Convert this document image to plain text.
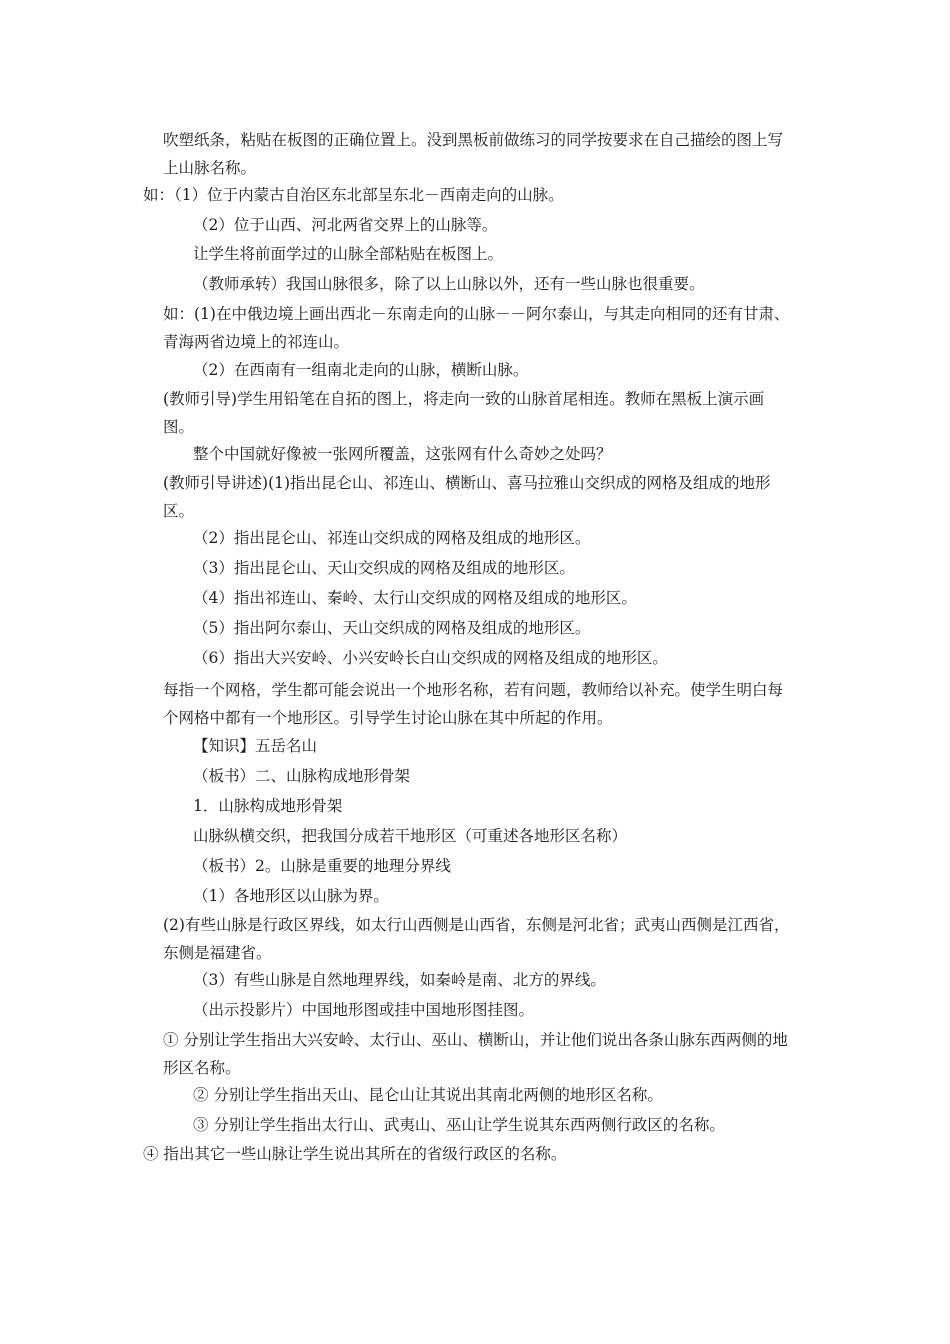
吹塑纸条，粘贴在板图的正确位置上。没到黑板前做练习的同学按要求在自己描绘的图上写上山脉名称。
如：（1）位于内蒙古自治区东北部呈东北－西南走向的山脉。
（2）位于山西、河北两省交界上的山脉等。
让学生将前面学过的山脉全部粘贴在板图上。
（教师承转）我国山脉很多，除了以上山脉以外，还有一些山脉也很重要。
如：(1)在中俄边境上画出西北－东南走向的山脉－－阿尔泰山，与其走向相同的还有甘肃、青海两省边境上的祁连山。
（2）在西南有一组南北走向的山脉，横断山脉。
(教师引导)学生用铅笔在自拓的图上，将走向一致的山脉首尾相连。教师在黑板上演示画图。
整个中国就好像被一张网所覆盖，这张网有什么奇妙之处吗？
(教师引导讲述)(1)指出昆仑山、祁连山、横断山、喜马拉雅山交织成的网格及组成的地形区。
（2）指出昆仑山、祁连山交织成的网格及组成的地形区。
（3）指出昆仑山、天山交织成的网格及组成的地形区。
（4）指出祁连山、秦岭、太行山交织成的网格及组成的地形区。
（5）指出阿尔泰山、天山交织成的网格及组成的地形区。
（6）指出大兴安岭、小兴安岭长白山交织成的网格及组成的地形区。
每指一个网格，学生都可能会说出一个地形名称，若有问题，教师给以补充。使学生明白每个网格中都有一个地形区。引导学生讨论山脉在其中所起的作用。
【知识】五岳名山
（板书）二、山脉构成地形骨架
1．山脉构成地形骨架
山脉纵横交织，把我国分成若干地形区（可重述各地形区名称）
（板书）2。山脉是重要的地理分界线
（1）各地形区以山脉为界。
(2)有些山脉是行政区界线，如太行山西侧是山西省，东侧是河北省；武夷山西侧是江西省，东侧是福建省。
（3）有些山脉是自然地理界线，如秦岭是南、北方的界线。
（出示投影片）中国地形图或挂中国地形图挂图。
① 分别让学生指出大兴安岭、太行山、巫山、横断山，并让他们说出各条山脉东西两侧的地形区名称。
② 分别让学生指出天山、昆仑山让其说出其南北两侧的地形区名称。
③ 分别让学生指出太行山、武夷山、巫山让学生说其东西两侧行政区的名称。
④ 指出其它一些山脉让学生说出其所在的省级行政区的名称。
